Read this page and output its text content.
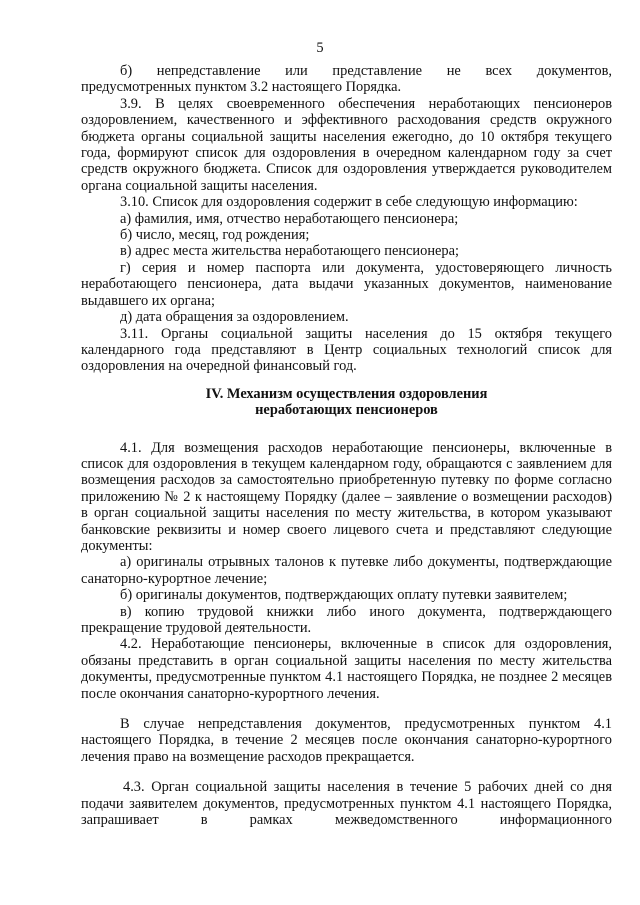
5

б) непредставление или представление не всех документов,

предусмотренных пунктом 3.2 настоящего Порядка.

3.9. В целях своевременного обеспечения неработающих пенсионеров оздоровлением, качественного и эффективного расходования средств окружного бюджета органы социальной защиты населения ежегодно, до 10 октября текущего года, формируют список для оздоровления в очередном календарном году за счет средств окружного бюджета. Список для оздоровления утверждается руководителем органа социальной защиты населения.

3.10. Список для оздоровления содержит в себе следующую информацию:

а) фамилия, имя, отчество неработающего пенсионера;

б) число, месяц, год рождения;

в) адрес места жительства неработающего пенсионера;

г) серия и номер паспорта или документа, удостоверяющего личность неработающего пенсионера, дата выдачи указанных документов, наименование выдавшего их органа;

д) дата обращения за оздоровлением.

3.11. Органы социальной защиты населения до 15 октября текущего календарного года представляют в Центр социальных технологий список для оздоровления на очередной финансовый год.

IV. Механизм осуществления оздоровления
неработающих пенсионеров

4.1. Для возмещения расходов неработающие пенсионеры, включенные в список для оздоровления в текущем календарном году, обращаются с заявлением для возмещения расходов за самостоятельно приобретенную путевку по форме согласно приложению № 2 к настоящему Порядку (далее – заявление о возмещении расходов) в орган социальной защиты населения по месту жительства, в котором указывают банковские реквизиты и номер своего лицевого счета и представляют следующие документы:

а) оригиналы отрывных талонов к путевке либо документы, подтверждающие санаторно-курортное лечение;

б) оригиналы документов, подтверждающих оплату путевки заявителем;

в) копию трудовой книжки либо иного документа, подтверждающего прекращение трудовой деятельности.

4.2. Неработающие пенсионеры, включенные в список для оздоровления, обязаны представить в орган социальной защиты населения по месту жительства документы, предусмотренные пунктом 4.1 настоящего Порядка, не позднее 2 месяцев после окончания санаторно-курортного лечения.

В случае непредставления документов, предусмотренных пунктом 4.1 настоящего Порядка, в течение 2 месяцев после окончания санаторно-курортного лечения право на возмещение расходов прекращается.

4.3. Орган социальной защиты населения в течение 5 рабочих дней со дня подачи заявителем документов, предусмотренных пунктом 4.1 настоящего Порядка, запрашивает в рамках межведомственного информационного
